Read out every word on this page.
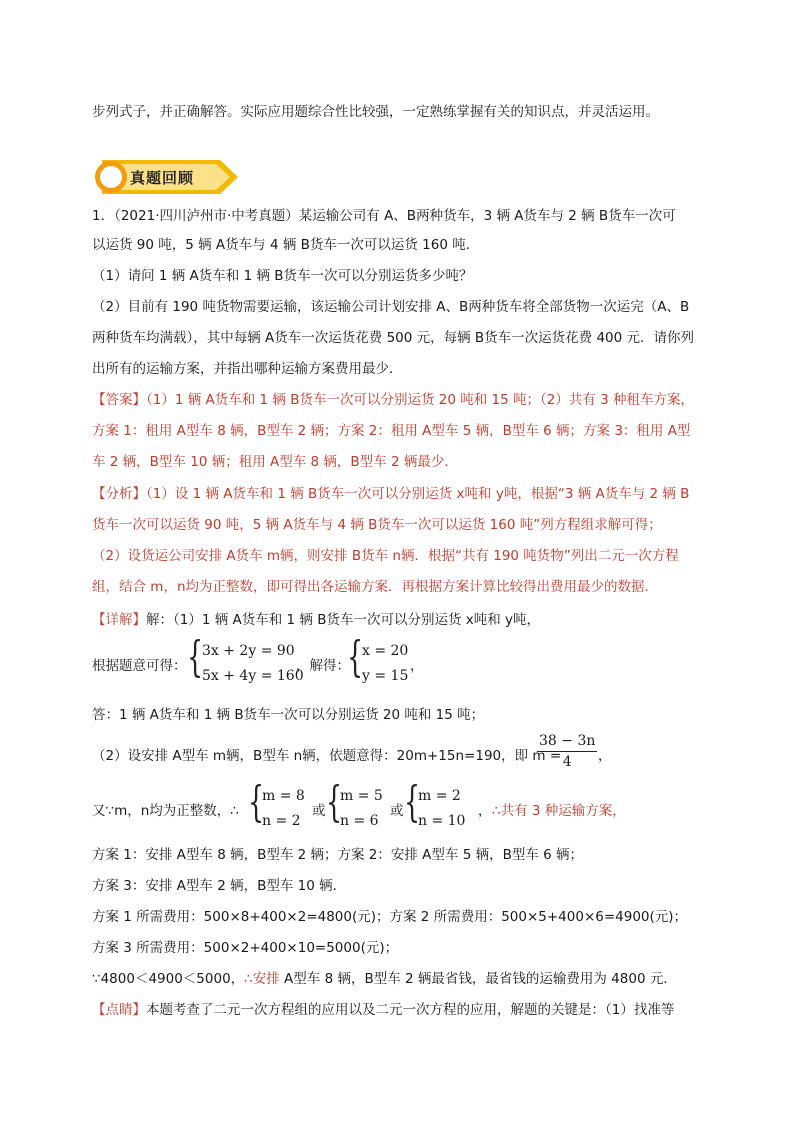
步列式子，并正确解答。实际应用题综合性比较强，一定熟练掌握有关的知识点，并灵活运用。
真题回顾
1．（2021·四川泸州市·中考真题）某运输公司有 A、B两种货车，3 辆 A货车与 2 辆 B货车一次可
以运货 90 吨，5 辆 A货车与 4 辆 B货车一次可以运货 160 吨．
（1）请问 1 辆 A货车和 1 辆 B货车一次可以分别运货多少吨？
（2）目前有 190 吨货物需要运输，该运输公司计划安排 A、B两种货车将全部货物一次运完（A、B
两种货车均满载），其中每辆 A货车一次运货花费 500 元，每辆 B货车一次运货花费 400 元．请你列
出所有的运输方案，并指出哪种运输方案费用最少．
【答案】（1）1 辆 A货车和 1 辆 B货车一次可以分别运货 20 吨和 15 吨；（2）共有 3 种租车方案，
方案 1：租用 A型车 8 辆，B型车 2 辆；方案 2：租用 A型车 5 辆，B型车 6 辆；方案 3：租用 A型
车 2 辆，B型车 10 辆；租用 A型车 8 辆，B型车 2 辆最少．
【分析】（1）设 1 辆 A货车和 1 辆 B货车一次可以分别运货 x吨和 y吨，根据“3 辆 A货车与 2 辆 B
货车一次可以运货 90 吨，5 辆 A货车与 4 辆 B货车一次可以运货 160 吨”列方程组求解可得；
（2）设货运公司安排 A货车 m辆，则安排 B货车 n辆．根据“共有 190 吨货物”列出二元一次方程
组，结合 m，n均为正整数，即可得出各运输方案．再根据方案计算比较得出费用最少的数据．
【详解】解：（1）1 辆 A货车和 1 辆 B货车一次可以分别运货 x吨和 y吨，
根据题意可得： {
3x + 2y = 90
5x + 4y = 160
，解得：
{
x = 20
y = 15
，
答：1 辆 A货车和 1 辆 B货车一次可以分别运货 20 吨和 15 吨；
（2）设安排 A型车 m辆，B型车 n辆，依题意得：20m+15n=190，即 m =
38 − 3n
4	，
又∵m，n均为正整数，∴ {
m = 8
n = 2
或 {
m = 5
n = 6
或 {
m = 2
n = 10
， ∴共有 3 种运输方案，
方案 1：安排 A型车 8 辆，B型车 2 辆；方案 2：安排 A型车 5 辆，B型车 6 辆；
方案 3：安排 A型车 2 辆，B型车 10 辆．
方案 1 所需费用：500×8+400×2=4800(元)；方案 2 所需费用：500×5+400×6=4900(元)；
方案 3 所需费用：500×2+400×10=5000(元)；
∵4800＜4900＜5000，∴安排 A型车 8 辆，B型车 2 辆最省钱，最省钱的运输费用为 4800 元．
【点睛】本题考查了二元一次方程组的应用以及二元一次方程的应用，解题的关键是：（1）找准等
